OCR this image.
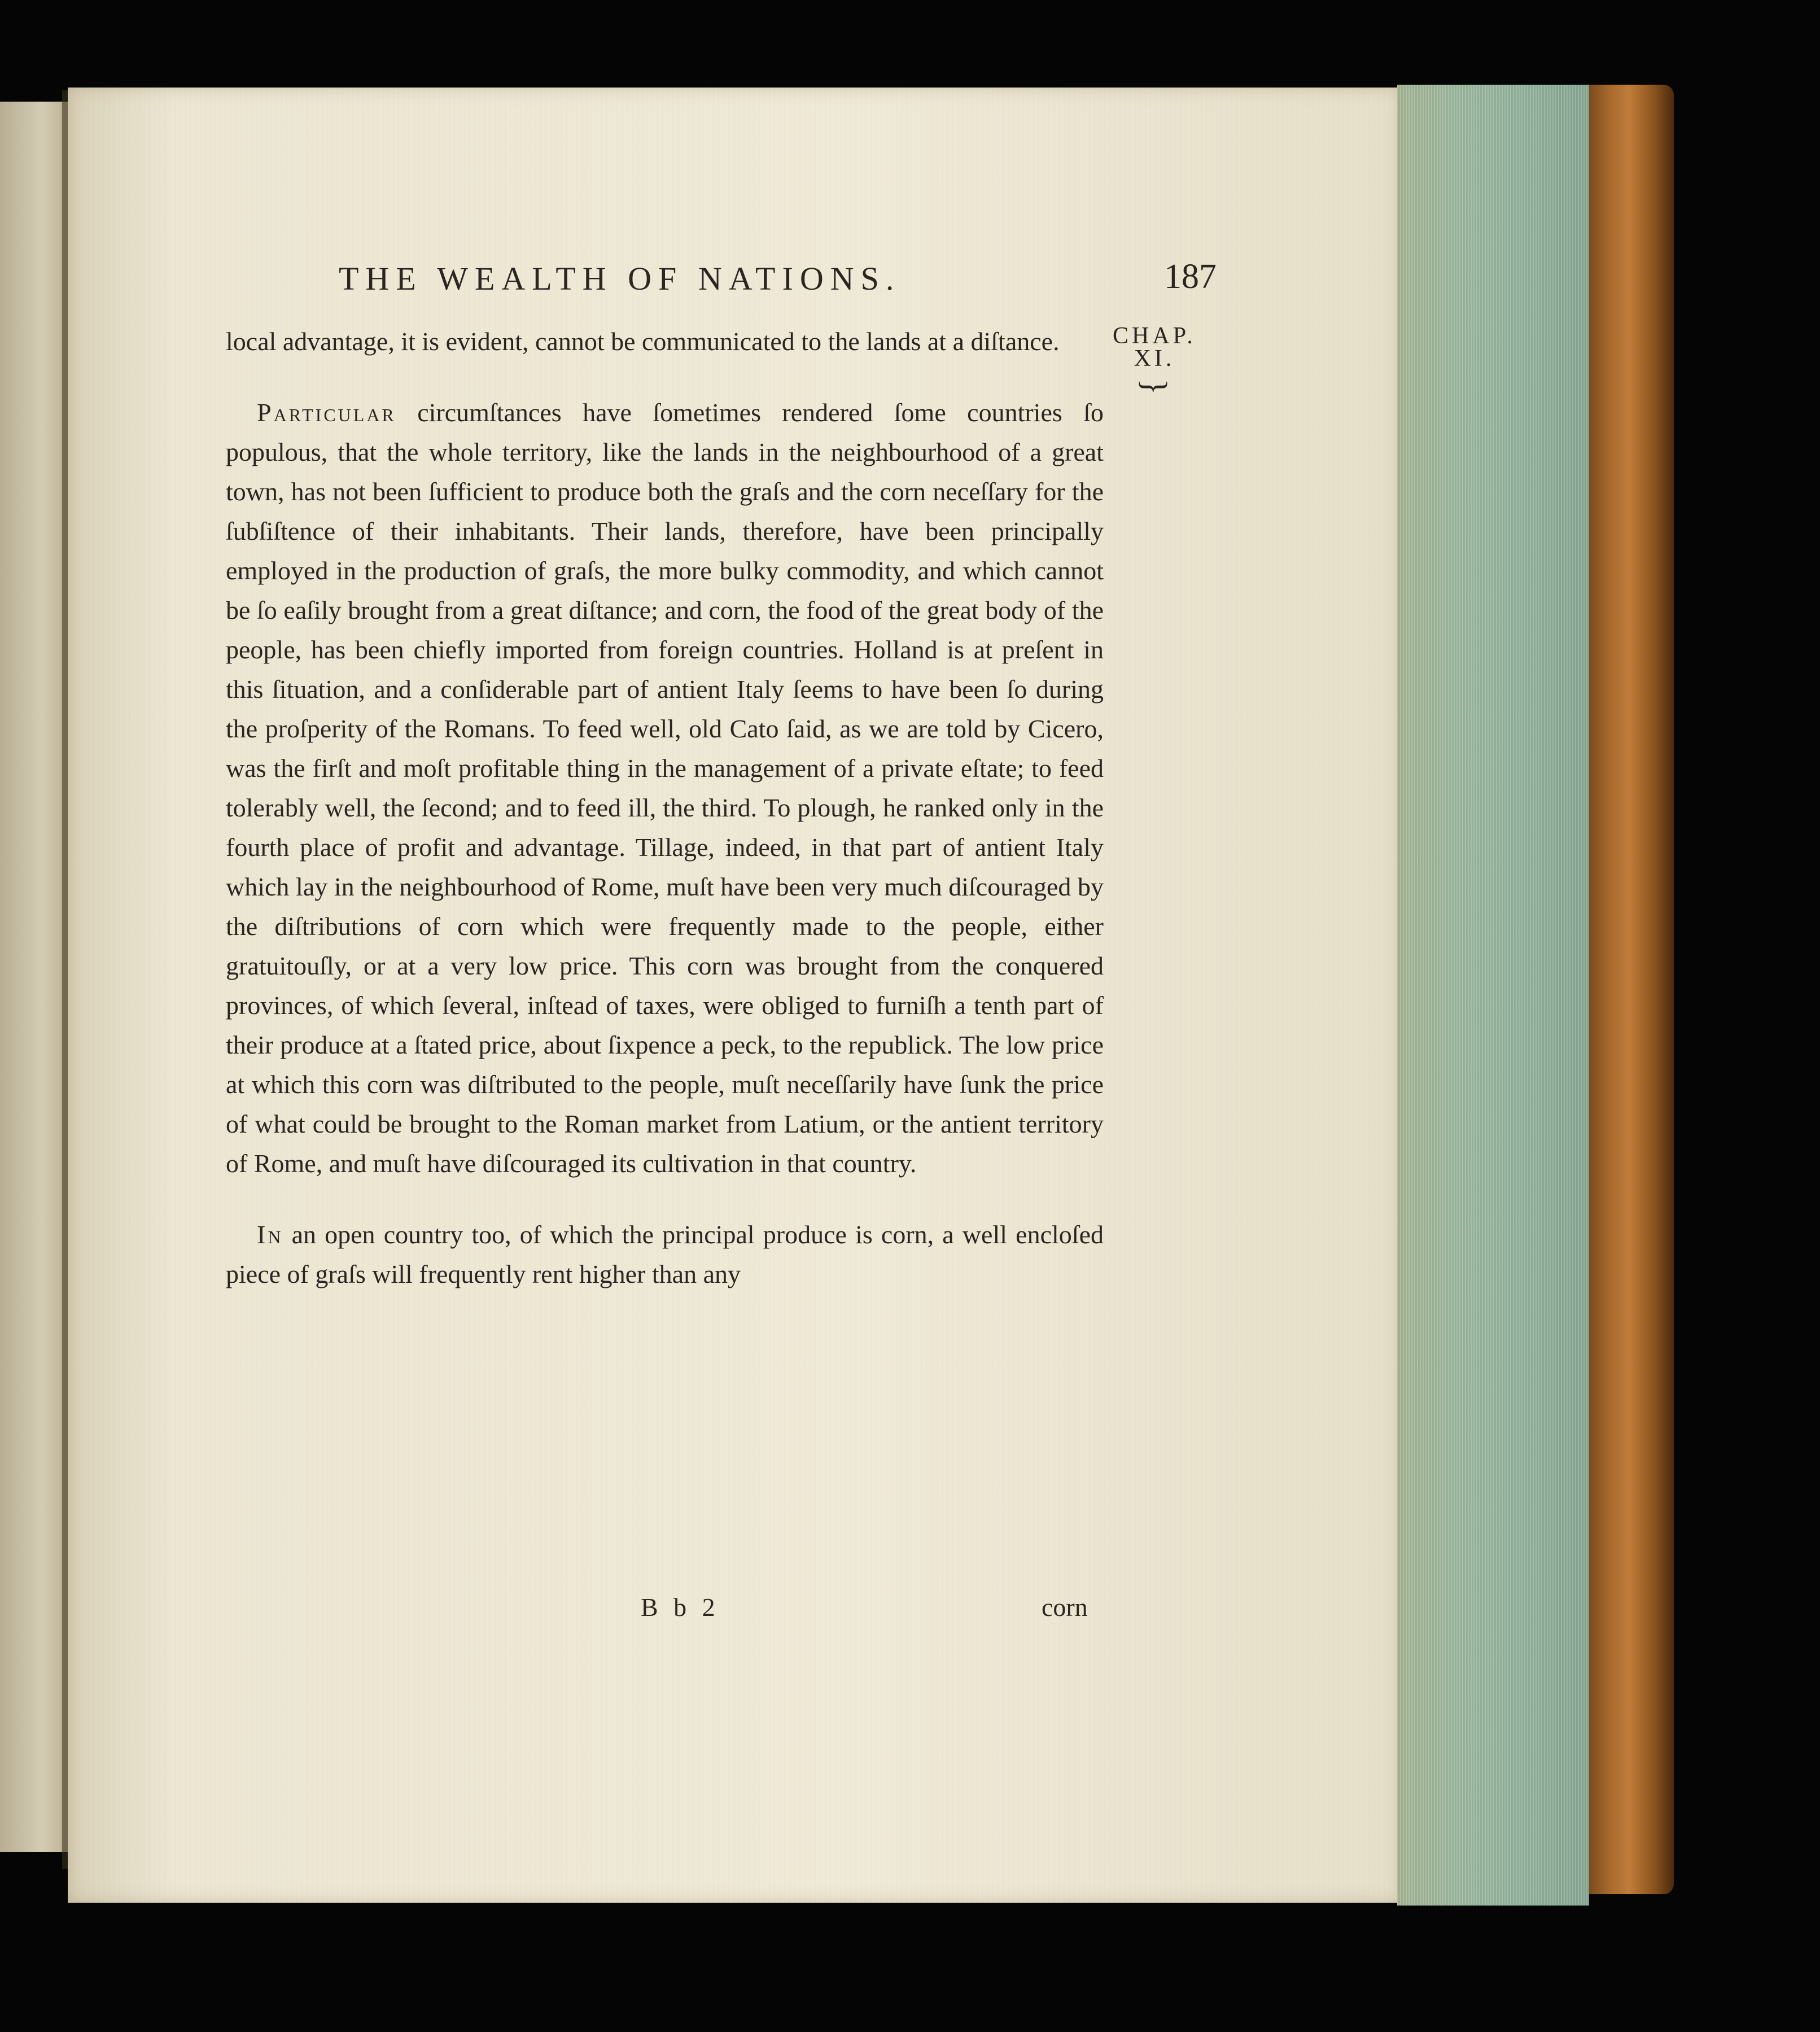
THE WEALTH OF NATIONS.	187
CHAP.
XI.
}

local advantage, it is evident, cannot be communicated to the lands at a diſtance.

Particular circumſtances have ſometimes rendered ſome countries ſo populous, that the whole territory, like the lands in the neighbourhood of a great town, has not been ſufficient to produce both the graſs and the corn neceſſary for the ſubſiſtence of their inhabitants. Their lands, therefore, have been principally employed in the production of graſs, the more bulky commodity, and which cannot be ſo eaſily brought from a great diſtance; and corn, the food of the great body of the people, has been chiefly imported from foreign countries. Holland is at preſent in this ſituation, and a conſiderable part of antient Italy ſeems to have been ſo during the proſperity of the Romans. To feed well, old Cato ſaid, as we are told by Cicero, was the firſt and moſt profitable thing in the management of a private eſtate; to feed tolerably well, the ſecond; and to feed ill, the third. To plough, he ranked only in the fourth place of profit and advantage. Tillage, indeed, in that part of antient Italy which lay in the neighbourhood of Rome, muſt have been very much diſcouraged by the diſtributions of corn which were frequently made to the people, either gratuitouſly, or at a very low price. This corn was brought from the conquered provinces, of which ſeveral, inſtead of taxes, were obliged to furniſh a tenth part of their produce at a ſtated price, about ſixpence a peck, to the republick. The low price at which this corn was diſtributed to the people, muſt neceſſarily have ſunk the price of what could be brought to the Roman market from Latium, or the antient territory of Rome, and muſt have diſcouraged its cultivation in that country.

In an open country too, of which the principal produce is corn, a well encloſed piece of graſs will frequently rent higher than any

B b 2	corn
